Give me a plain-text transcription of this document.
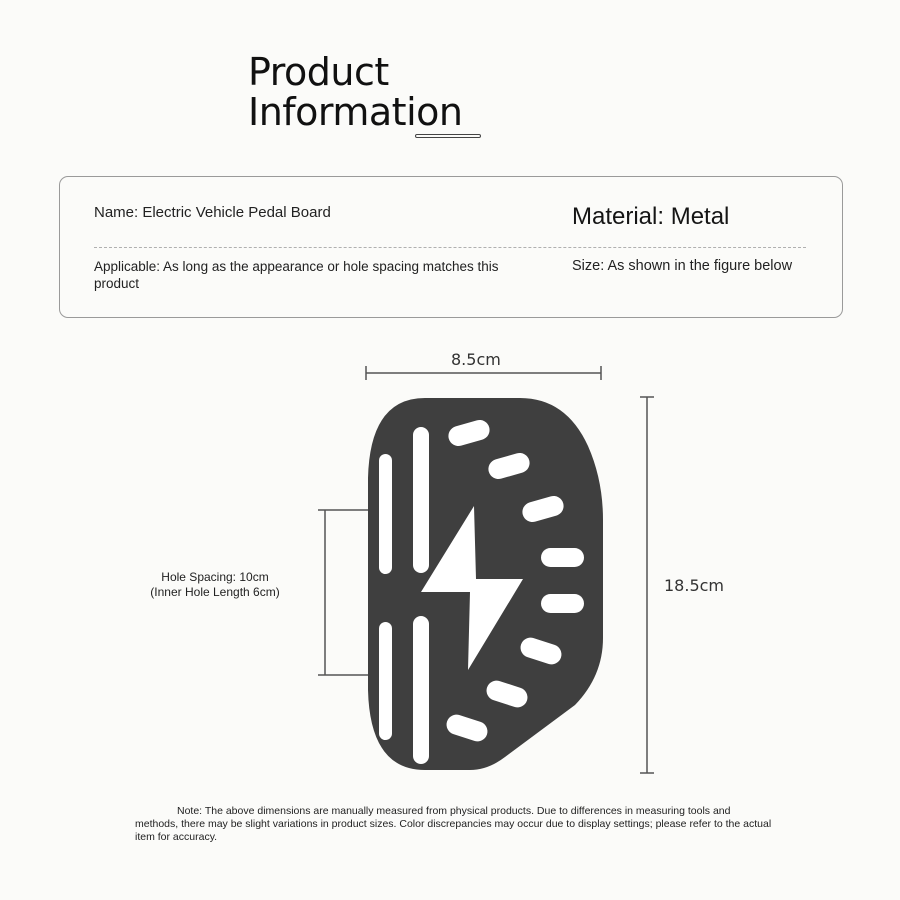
Product
Information
Name: Electric Vehicle Pedal Board	Material: Metal
Applicable: As long as the appearance or hole spacing matches this product
Size: As shown in the figure below
8.5cm
18.5cm
Hole Spacing: 10cm (Inner Hole Length 6cm)
Note: The above dimensions are manually measured from physical products. Due to differences in measuring tools and methods, there may be slight variations in product sizes. Color discrepancies may occur due to display settings; please refer to the actual item for accuracy.
